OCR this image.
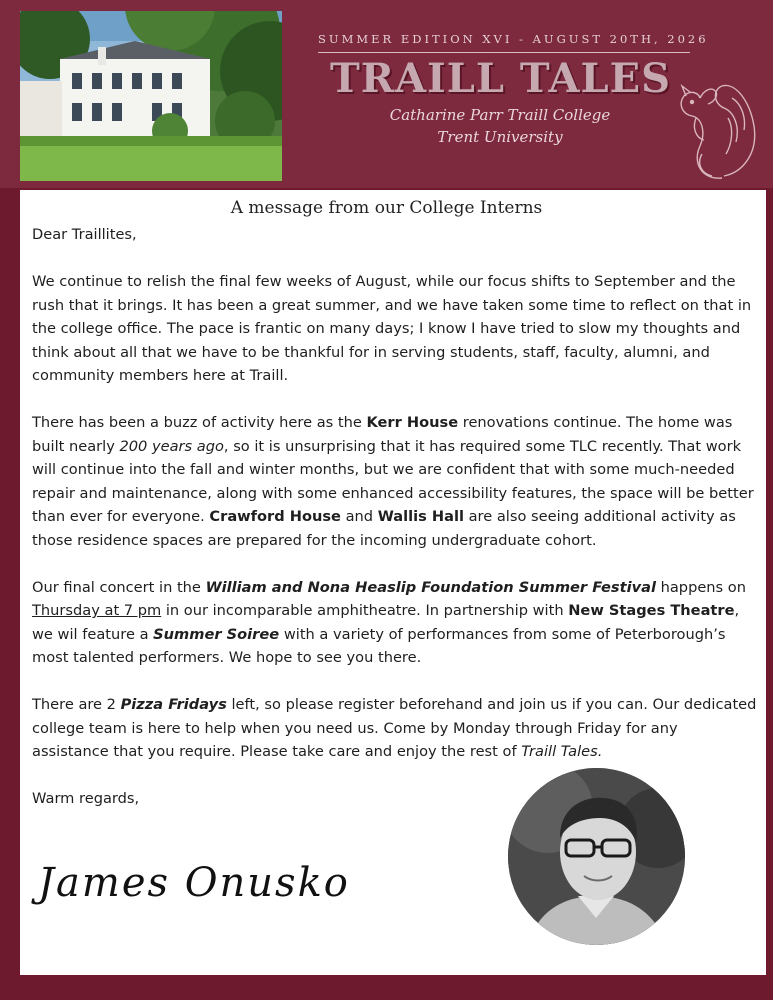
SUMMER EDITION XVI - AUGUST 20TH, 2026
TRAILL TALES
Catharine Parr Traill College
Trent University
A message from our College Interns

Dear Traillites,

We continue to relish the final few weeks of August, while our focus shifts to September and the rush that it brings. It has been a great summer, and we have taken some time to reflect on that in the college office. The pace is frantic on many days; I know I have tried to slow my thoughts and think about all that we have to be thankful for in serving students, staff, faculty, alumni, and community members here at Traill.

There has been a buzz of activity here as the Kerr House renovations continue. The home was built nearly 200 years ago, so it is unsurprising that it has required some TLC recently. That work will continue into the fall and winter months, but we are confident that with some much-needed repair and maintenance, along with some enhanced accessibility features, the space will be better than ever for everyone. Crawford House and Wallis Hall are also seeing additional activity as those residence spaces are prepared for the incoming undergraduate cohort.

Our final concert in the William and Nona Heaslip Foundation Summer Festival happens on Thursday at 7 pm in our incomparable amphitheatre. In partnership with New Stages Theatre, we wil feature a Summer Soiree with a variety of performances from some of Peterborough’s most talented performers. We hope to see you there.

There are 2 Pizza Fridays left, so please register beforehand and join us if you can. Our dedicated college team is here to help when you need us. Come by Monday through Friday for any assistance that you require. Please take care and enjoy the rest of Traill Tales.

Warm regards,

James Onusko
